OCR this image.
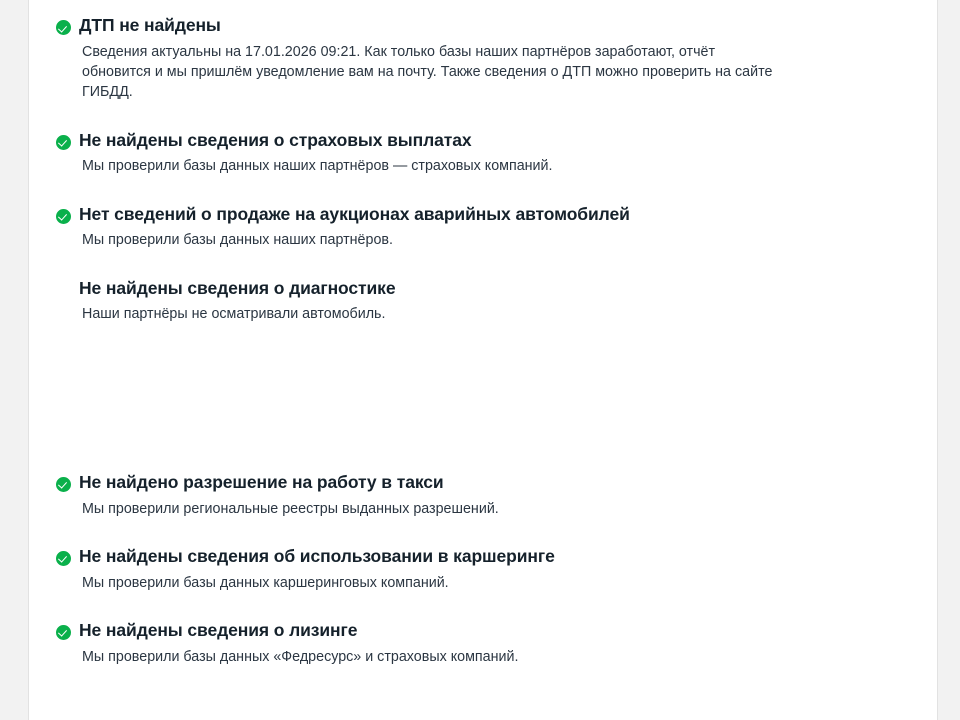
ДТП не найдены

Сведения актуальны на 17.01.2026 09:21. Как только базы наших партнёров заработают, отчёт обновится и мы пришлём уведомление вам на почту. Также сведения о ДТП можно проверить на сайте ГИБДД.

Не найдены сведения о страховых выплатах

Мы проверили базы данных наших партнёров — страховых компаний.

Нет сведений о продаже на аукционах аварийных автомобилей

Мы проверили базы данных наших партнёров.

Не найдены сведения о диагностике

Наши партнёры не осматривали автомобиль.

Не найдено разрешение на работу в такси

Мы проверили региональные реестры выданных разрешений.

Не найдены сведения об использовании в каршеринге

Мы проверили базы данных каршеринговых компаний.

Не найдены сведения о лизинге

Мы проверили базы данных «Федресурс» и страховых компаний.
